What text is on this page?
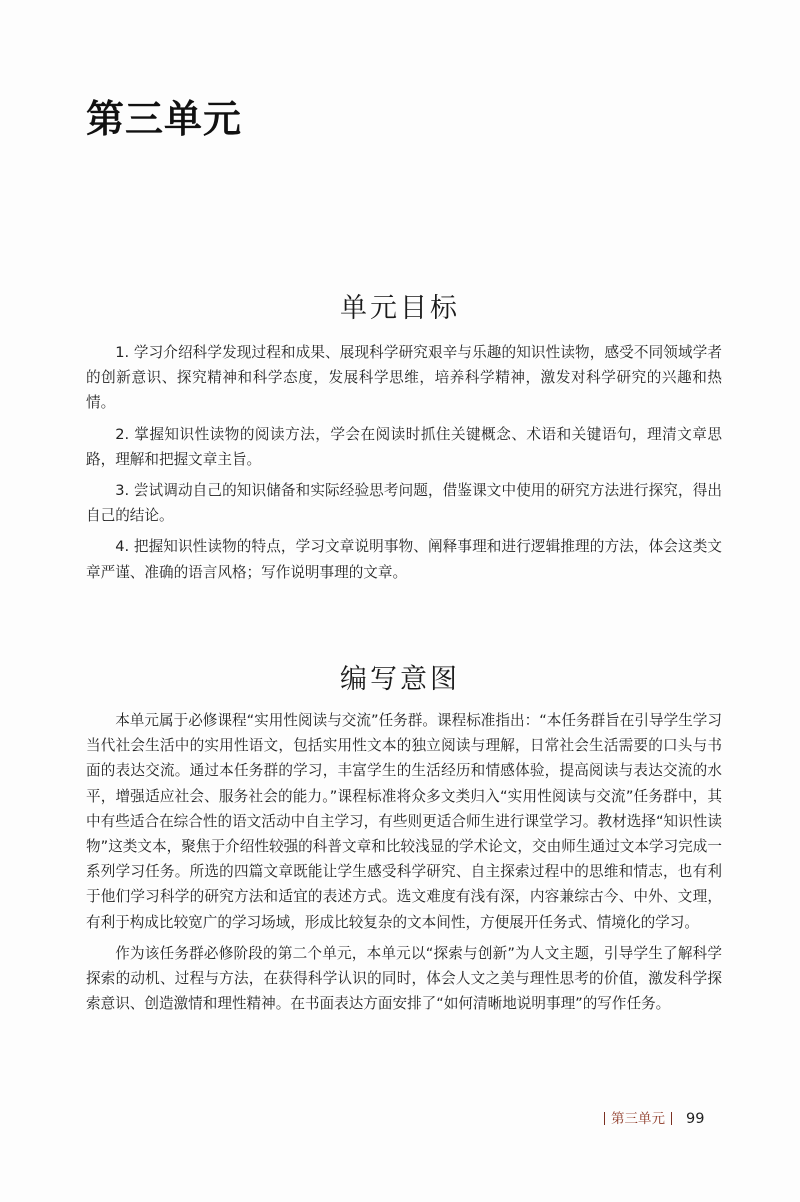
第三单元
单元目标

1. 学习介绍科学发现过程和成果、展现科学研究艰辛与乐趣的知识性读物，感受不同领域学者的创新意识、探究精神和科学态度，发展科学思维，培养科学精神，激发对科学研究的兴趣和热情。

2. 掌握知识性读物的阅读方法，学会在阅读时抓住关键概念、术语和关键语句，理清文章思路，理解和把握文章主旨。

3. 尝试调动自己的知识储备和实际经验思考问题，借鉴课文中使用的研究方法进行探究，得出自己的结论。

4. 把握知识性读物的特点，学习文章说明事物、阐释事理和进行逻辑推理的方法，体会这类文章严谨、准确的语言风格；写作说明事理的文章。

编写意图

本单元属于必修课程“实用性阅读与交流”任务群。课程标准指出：“本任务群旨在引导学生学习当代社会生活中的实用性语文，包括实用性文本的独立阅读与理解，日常社会生活需要的口头与书面的表达交流。通过本任务群的学习，丰富学生的生活经历和情感体验，提高阅读与表达交流的水平，增强适应社会、服务社会的能力。”课程标准将众多文类归入“实用性阅读与交流”任务群中，其中有些适合在综合性的语文活动中自主学习，有些则更适合师生进行课堂学习。教材选择“知识性读物”这类文本，聚焦于介绍性较强的科普文章和比较浅显的学术论文，交由师生通过文本学习完成一系列学习任务。所选的四篇文章既能让学生感受科学研究、自主探索过程中的思维和情志，也有利于他们学习科学的研究方法和适宜的表述方式。选文难度有浅有深，内容兼综古今、中外、文理，有利于构成比较宽广的学习场域，形成比较复杂的文本间性，方便展开任务式、情境化的学习。

作为该任务群必修阶段的第二个单元，本单元以“探索与创新”为人文主题，引导学生了解科学探索的动机、过程与方法，在获得科学认识的同时，体会人文之美与理性思考的价值，激发科学探索意识、创造激情和理性精神。在书面表达方面安排了“如何清晰地说明事理”的写作任务。

第三单元 99
